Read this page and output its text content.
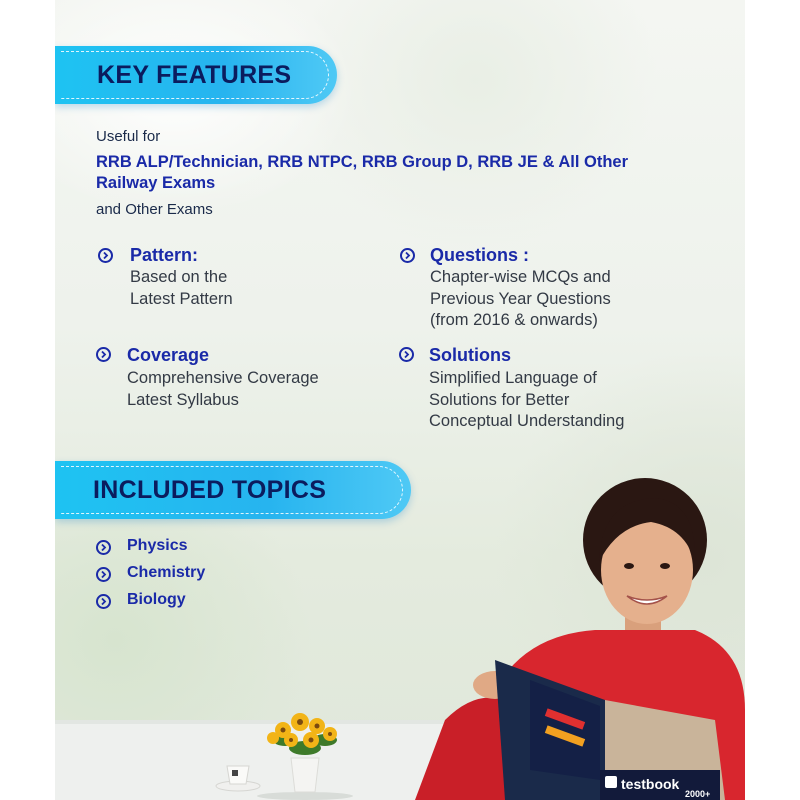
KEY FEATURES
Useful for
RRB ALP/Technician, RRB NTPC, RRB Group D, RRB JE & All Other Railway Exams
and Other Exams
Pattern:
Based on the
Latest Pattern
Questions :
Chapter-wise MCQs and
Previous Year Questions
(from 2016 & onwards)
Coverage
Comprehensive Coverage
Latest Syllabus
Solutions
Simplified Language of
Solutions for Better
Conceptual Understanding
INCLUDED TOPICS
Physics
Chemistry
Biology
testbook
2000+
